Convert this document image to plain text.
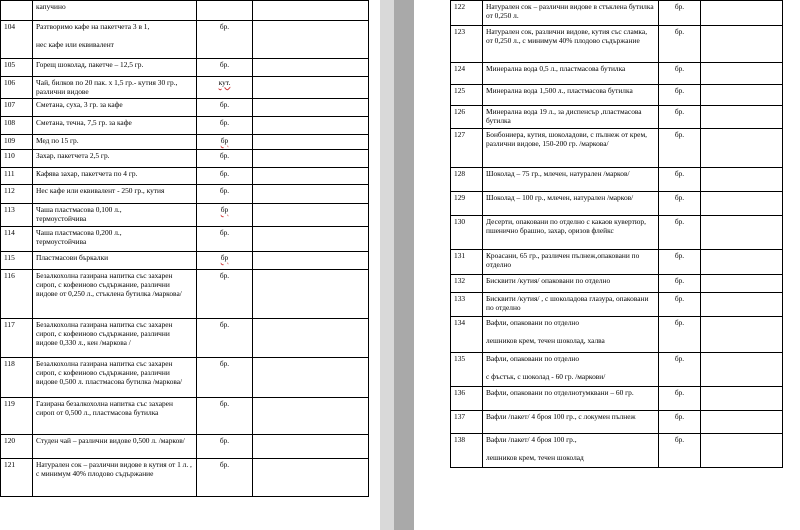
	капучино		
104	Разтворимо кафе на пакетчета 3 в 1,

нес кафе или еквивалент	бр.	
105	Горещ шоколад, пакетче – 12,5 гр.	бр.	
106	Чай, билков по 20 пак. х 1,5 гр.- кутия 30 гр., различни видове	кут.	
107	Сметана, суха, 3 гр. за кафе	бр.	
108	Сметана, течна, 7,5 гр. за кафе	бр.	
109	Мед по 15 гр.	бр	
110	Захар, пакетчета 2,5 гр.	бр.	
111	Кафява захар, пакетчета по 4 гр.	бр.	
112	Нес кафе или еквивалент - 250 гр., кутия	бр.	
113	Чаша пластмасова 0,100 л.,
термоустойчива	бр	
114	Чаша пластмасова 0,200 л.,
термоустойчива	бр.	
115	Пластмасови бъркалки	бр	
116	Безалкохолна газирана напитка със захарен сироп, с кофеиново съдържание, различни видове от 0,250 л., стъклена бутилка /маркова/	бр.	
117	Безалкохолна газирана напитка със захарен сироп, с кофеиново съдържание, различни видове 0,330 л., кен /маркова /	бр.	
118	Безалкохолна газирана напитка със захарен сироп, с кофеиново съдържание, различни видове 0,500 л. пластмасова бутилка /маркова/	бр.	
119	Газирана безалкохолна напитка със захарен сироп от 0,500 л., пластмасова бутилка	бр.	
120	Студен чай – различни видове 0,500 л. /марков/	бр.	
121	Натурален сок – различни видове в кутия от 1 л. , с минимум 40% плодово съдържание	бр.	
122	Натурален сок – различни видове в стъклена бутилка от 0,250 л.	бр.	
123	Натурален сок, различни видове, кутия със сламка, от 0,250 л., с минимум 40% плодово съдържание	бр.	
124	Минерална вода 0,5 л., пластмасова бутилка	бр.	
125	Минерална вода 1,500 л., пластмасова бутилка	бр.	
126	Минерална вода 19 л., за диспенсър ,пластмасова бутилка	бр.	
127	Бонбониера, кутия, шоколадови, с пълнеж от крем, различни видове, 150-200 гр. /маркова/	бр.	
128	Шоколад – 75 гр., млечен, натурален /марков/	бр.	
129	Шоколад – 100 гр., млечен, натурален /марков/	бр.	
130	Десерти, опаковани по отделно с какаов кувертюр, пшенично брашно, захар, оризов флейкс	бр.	
131	Кроасани, 65 гр., различен пълнеж,опаковани по отделно	бр.	
132	Бисквити /кутия/ опаковани по отделно	бр.	
133	Бисквити /кутия/ , с шоколадова глазура, опаковани по отделно	бр.	
134	Вафли, опаковани по отделно

лешников крем, течен шоколад, халва	бр.	
135	Вафли, опаковани по отделно

с фъстък, с шоколад - 60 гр. /маркови/	бр.	
136	Вафли, опаковани по отделнотумквани – 60 гр.	бр.	
137	Вафли /пакет/ 4 броя 100 гр., с локумен пълнеж	бр.	
138	Вафли /пакет/ 4 броя 100 гр.,

лешников крем, течен шоколад	бр.	
